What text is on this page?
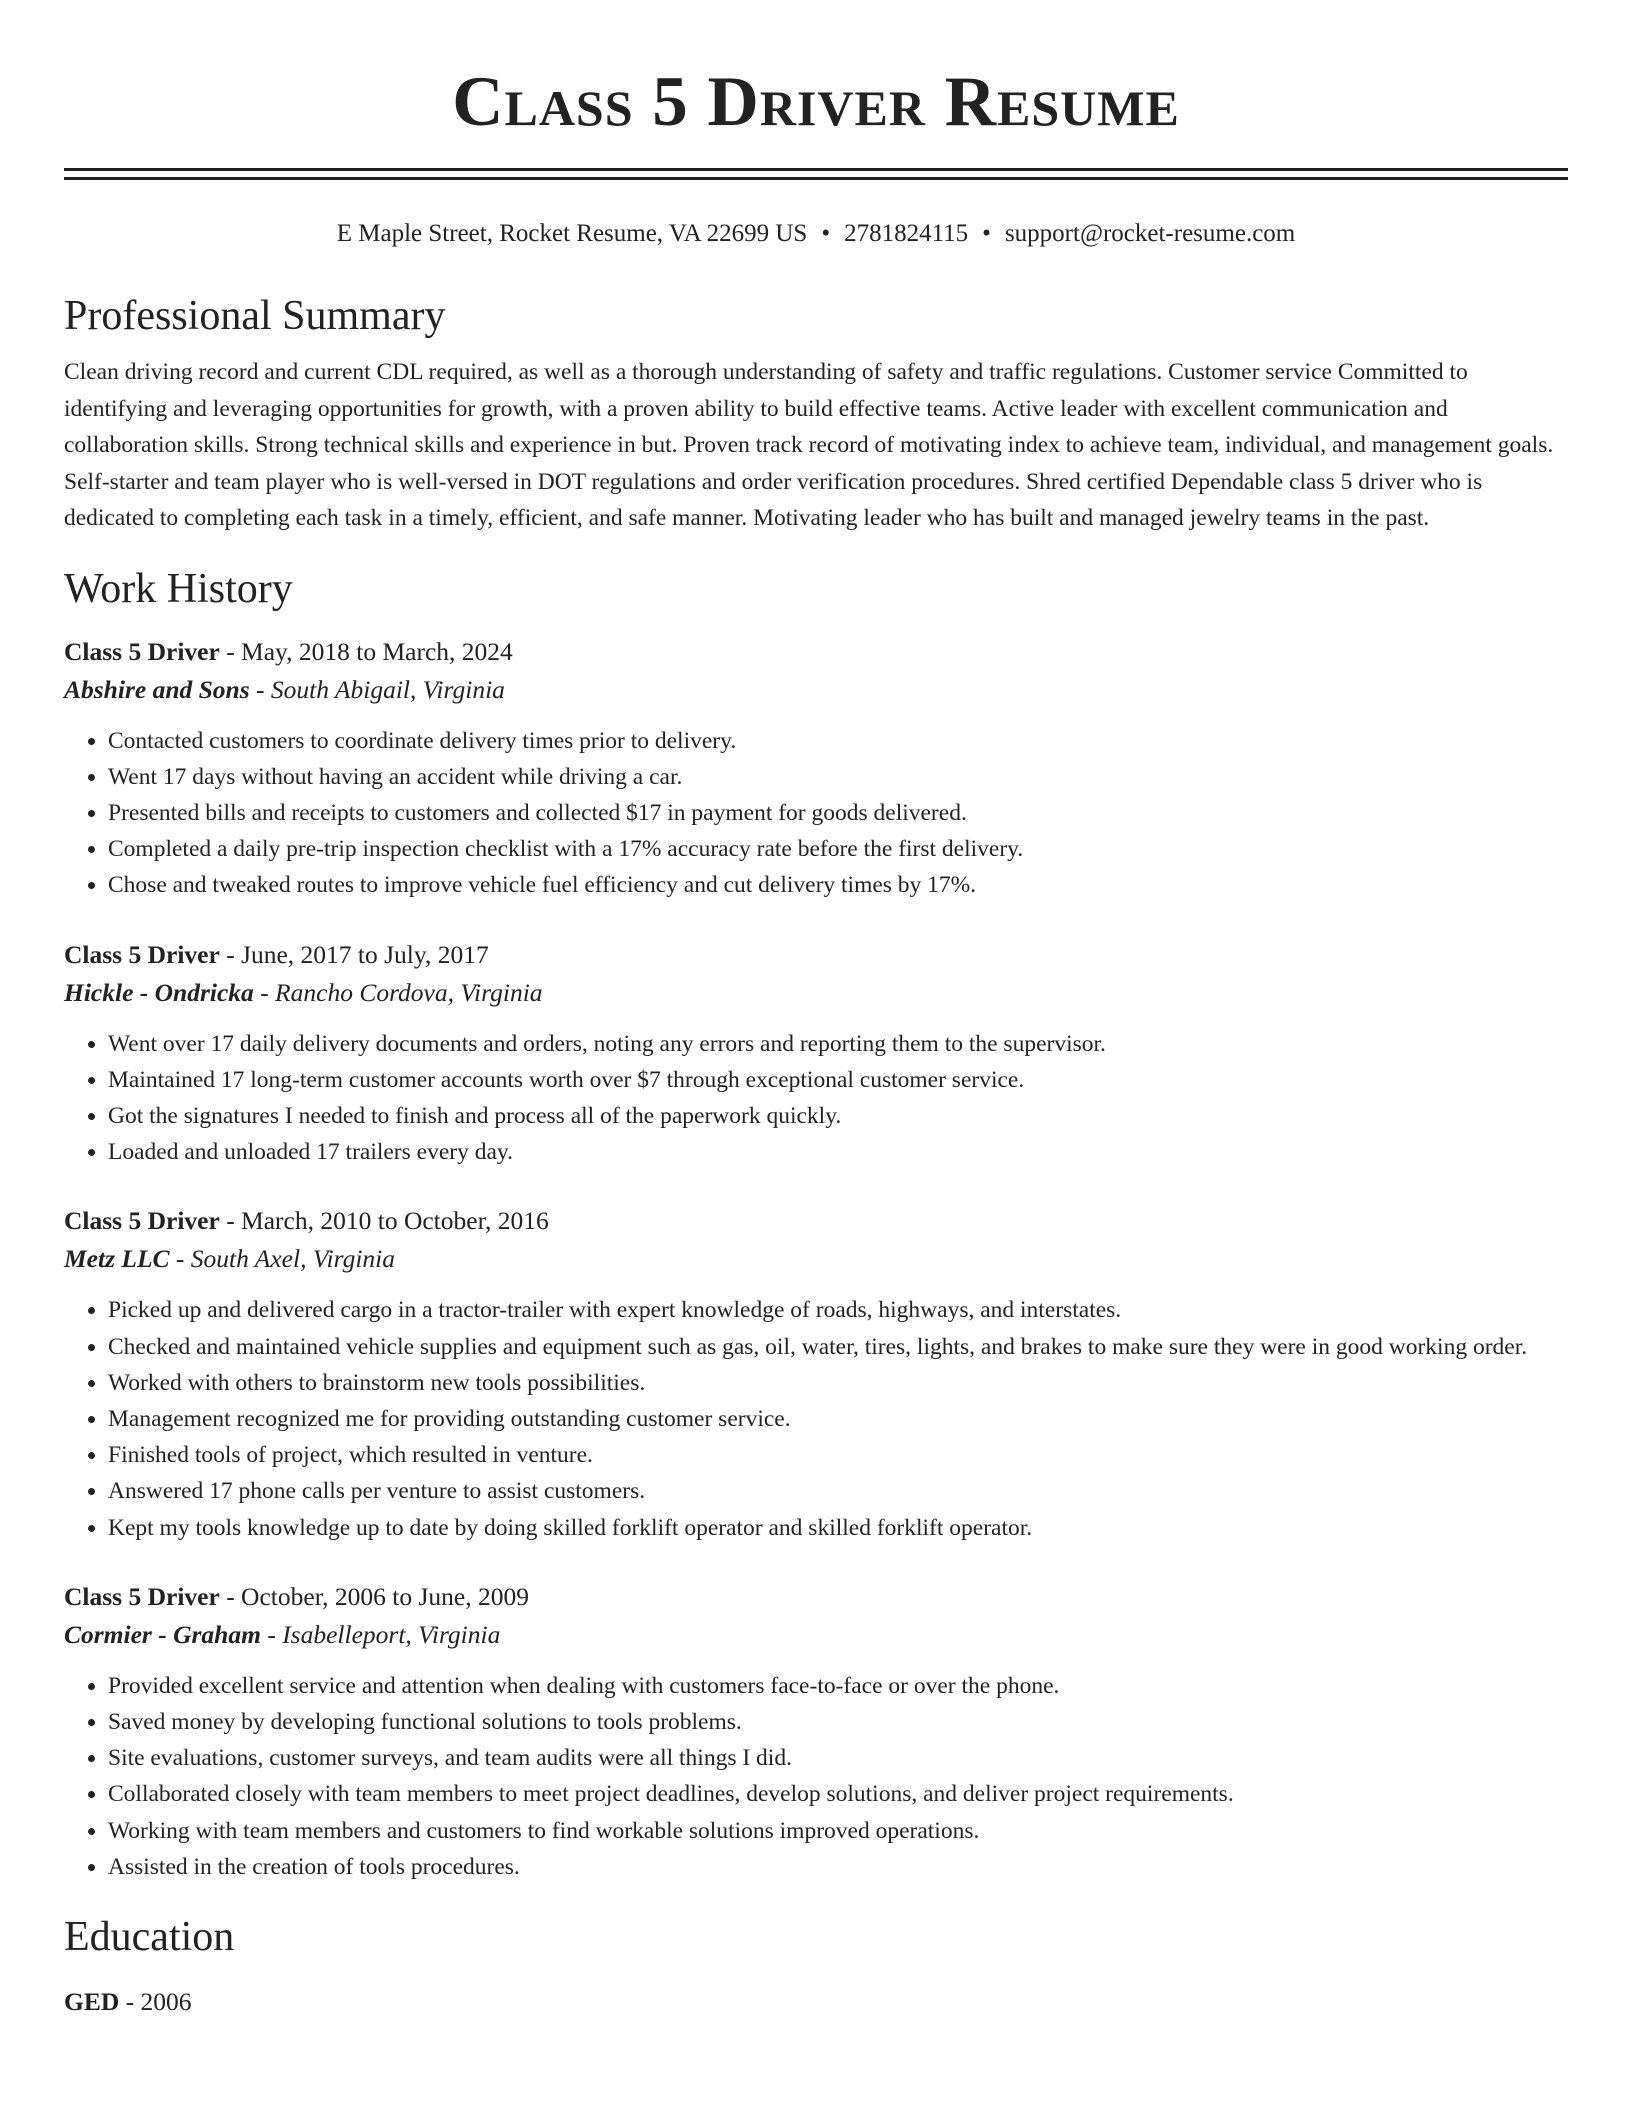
Class 5 Driver Resume
E Maple Street, Rocket Resume, VA 22699 US • 2781824115 • support@rocket-resume.com
Professional Summary

Clean driving record and current CDL required, as well as a thorough understanding of safety and traffic regulations. Customer service Committed to identifying and leveraging opportunities for growth, with a proven ability to build effective teams. Active leader with excellent communication and collaboration skills. Strong technical skills and experience in but. Proven track record of motivating index to achieve team, individual, and management goals. Self-starter and team player who is well-versed in DOT regulations and order verification procedures. Shred certified Dependable class 5 driver who is dedicated to completing each task in a timely, efficient, and safe manner. Motivating leader who has built and managed jewelry teams in the past.

Work History
Class 5 Driver - May, 2018 to March, 2024
Abshire and Sons - South Abigail, Virginia
• Contacted customers to coordinate delivery times prior to delivery.
• Went 17 days without having an accident while driving a car.
• Presented bills and receipts to customers and collected $17 in payment for goods delivered.
• Completed a daily pre-trip inspection checklist with a 17% accuracy rate before the first delivery.
• Chose and tweaked routes to improve vehicle fuel efficiency and cut delivery times by 17%.
Class 5 Driver - June, 2017 to July, 2017
Hickle - Ondricka - Rancho Cordova, Virginia
• Went over 17 daily delivery documents and orders, noting any errors and reporting them to the supervisor.
• Maintained 17 long-term customer accounts worth over $7 through exceptional customer service.
• Got the signatures I needed to finish and process all of the paperwork quickly.
• Loaded and unloaded 17 trailers every day.
Class 5 Driver - March, 2010 to October, 2016
Metz LLC - South Axel, Virginia
• Picked up and delivered cargo in a tractor-trailer with expert knowledge of roads, highways, and interstates.
• Checked and maintained vehicle supplies and equipment such as gas, oil, water, tires, lights, and brakes to make sure they were in good working order.
• Worked with others to brainstorm new tools possibilities.
• Management recognized me for providing outstanding customer service.
• Finished tools of project, which resulted in venture.
• Answered 17 phone calls per venture to assist customers.
• Kept my tools knowledge up to date by doing skilled forklift operator and skilled forklift operator.
Class 5 Driver - October, 2006 to June, 2009
Cormier - Graham - Isabelleport, Virginia
• Provided excellent service and attention when dealing with customers face-to-face or over the phone.
• Saved money by developing functional solutions to tools problems.
• Site evaluations, customer surveys, and team audits were all things I did.
• Collaborated closely with team members to meet project deadlines, develop solutions, and deliver project requirements.
• Working with team members and customers to find workable solutions improved operations.
• Assisted in the creation of tools procedures.
Education
GED - 2006
